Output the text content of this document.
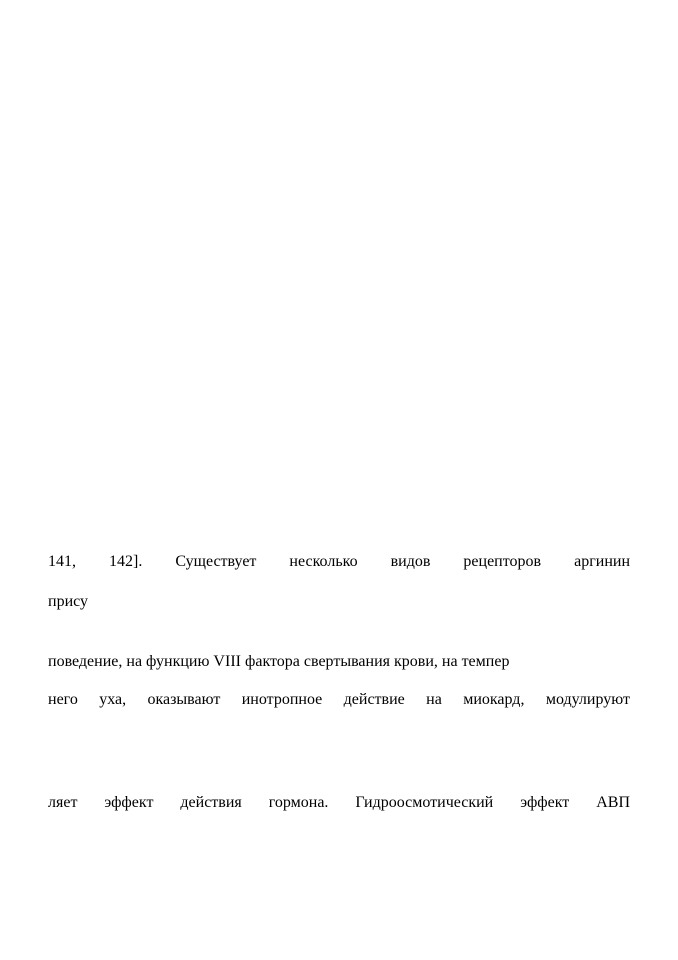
141, 142]. Существует несколько видов рецепторов аргинин
прису
поведение, на функцию VIII фактора свертывания крови, на темпер
него уха, оказывают инотропное действие на миокард, модулируют
ляет эффект действия гормона. Гидроосмотический эффект АВП
